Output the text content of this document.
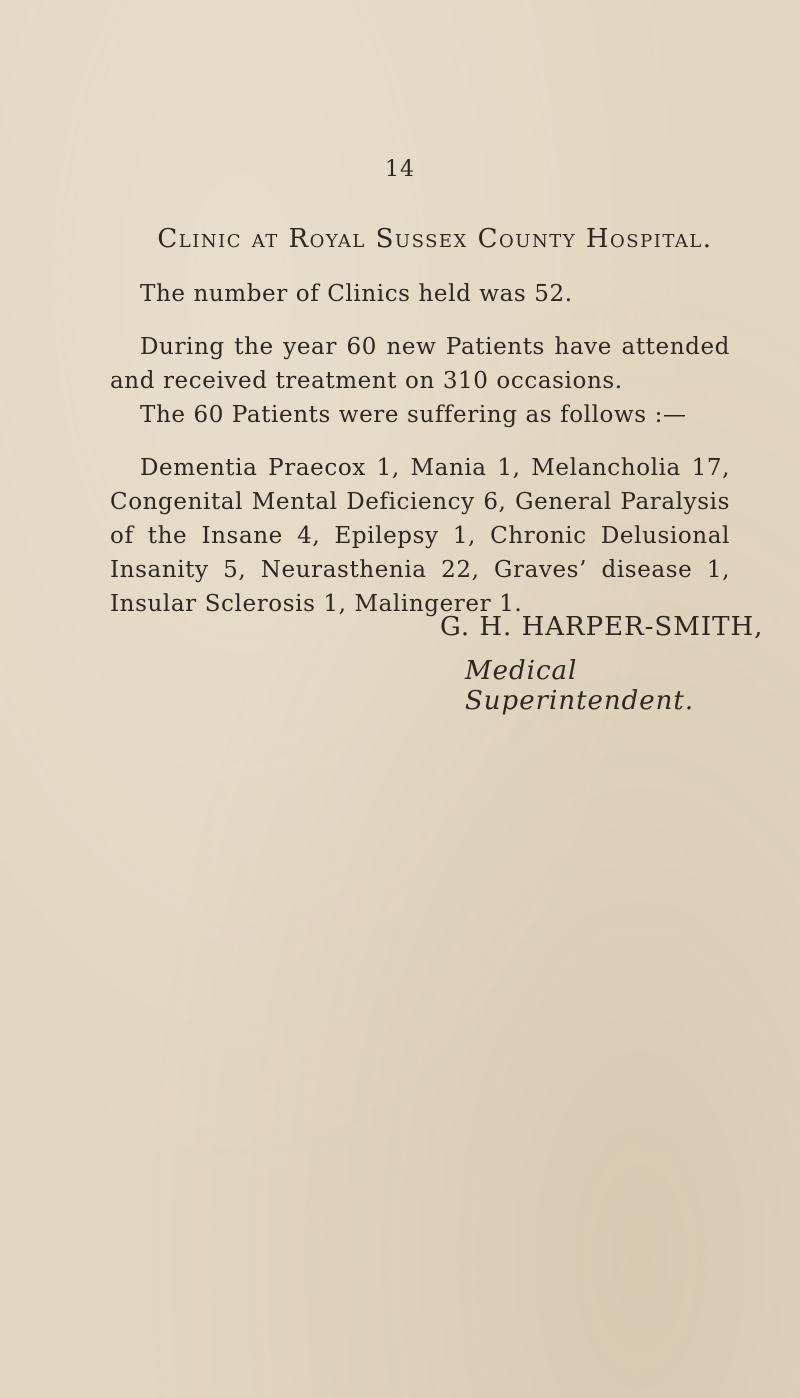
14
Clinic at Royal Sussex County Hospital.

The number of Clinics held was 52.

During the year 60 new Patients have attended and received treatment on 310 occasions.

The 60 Patients were suffering as follows :—

Dementia Praecox 1, Mania 1, Melancholia 17, Congenital Mental Deficiency 6, General Paralysis of the Insane 4, Epilepsy 1, Chronic Delusional Insanity 5, Neurasthenia 22, Graves’ disease 1, Insular Sclerosis 1, Malingerer 1.

G. H. HARPER-SMITH,
Medical Superintendent.
